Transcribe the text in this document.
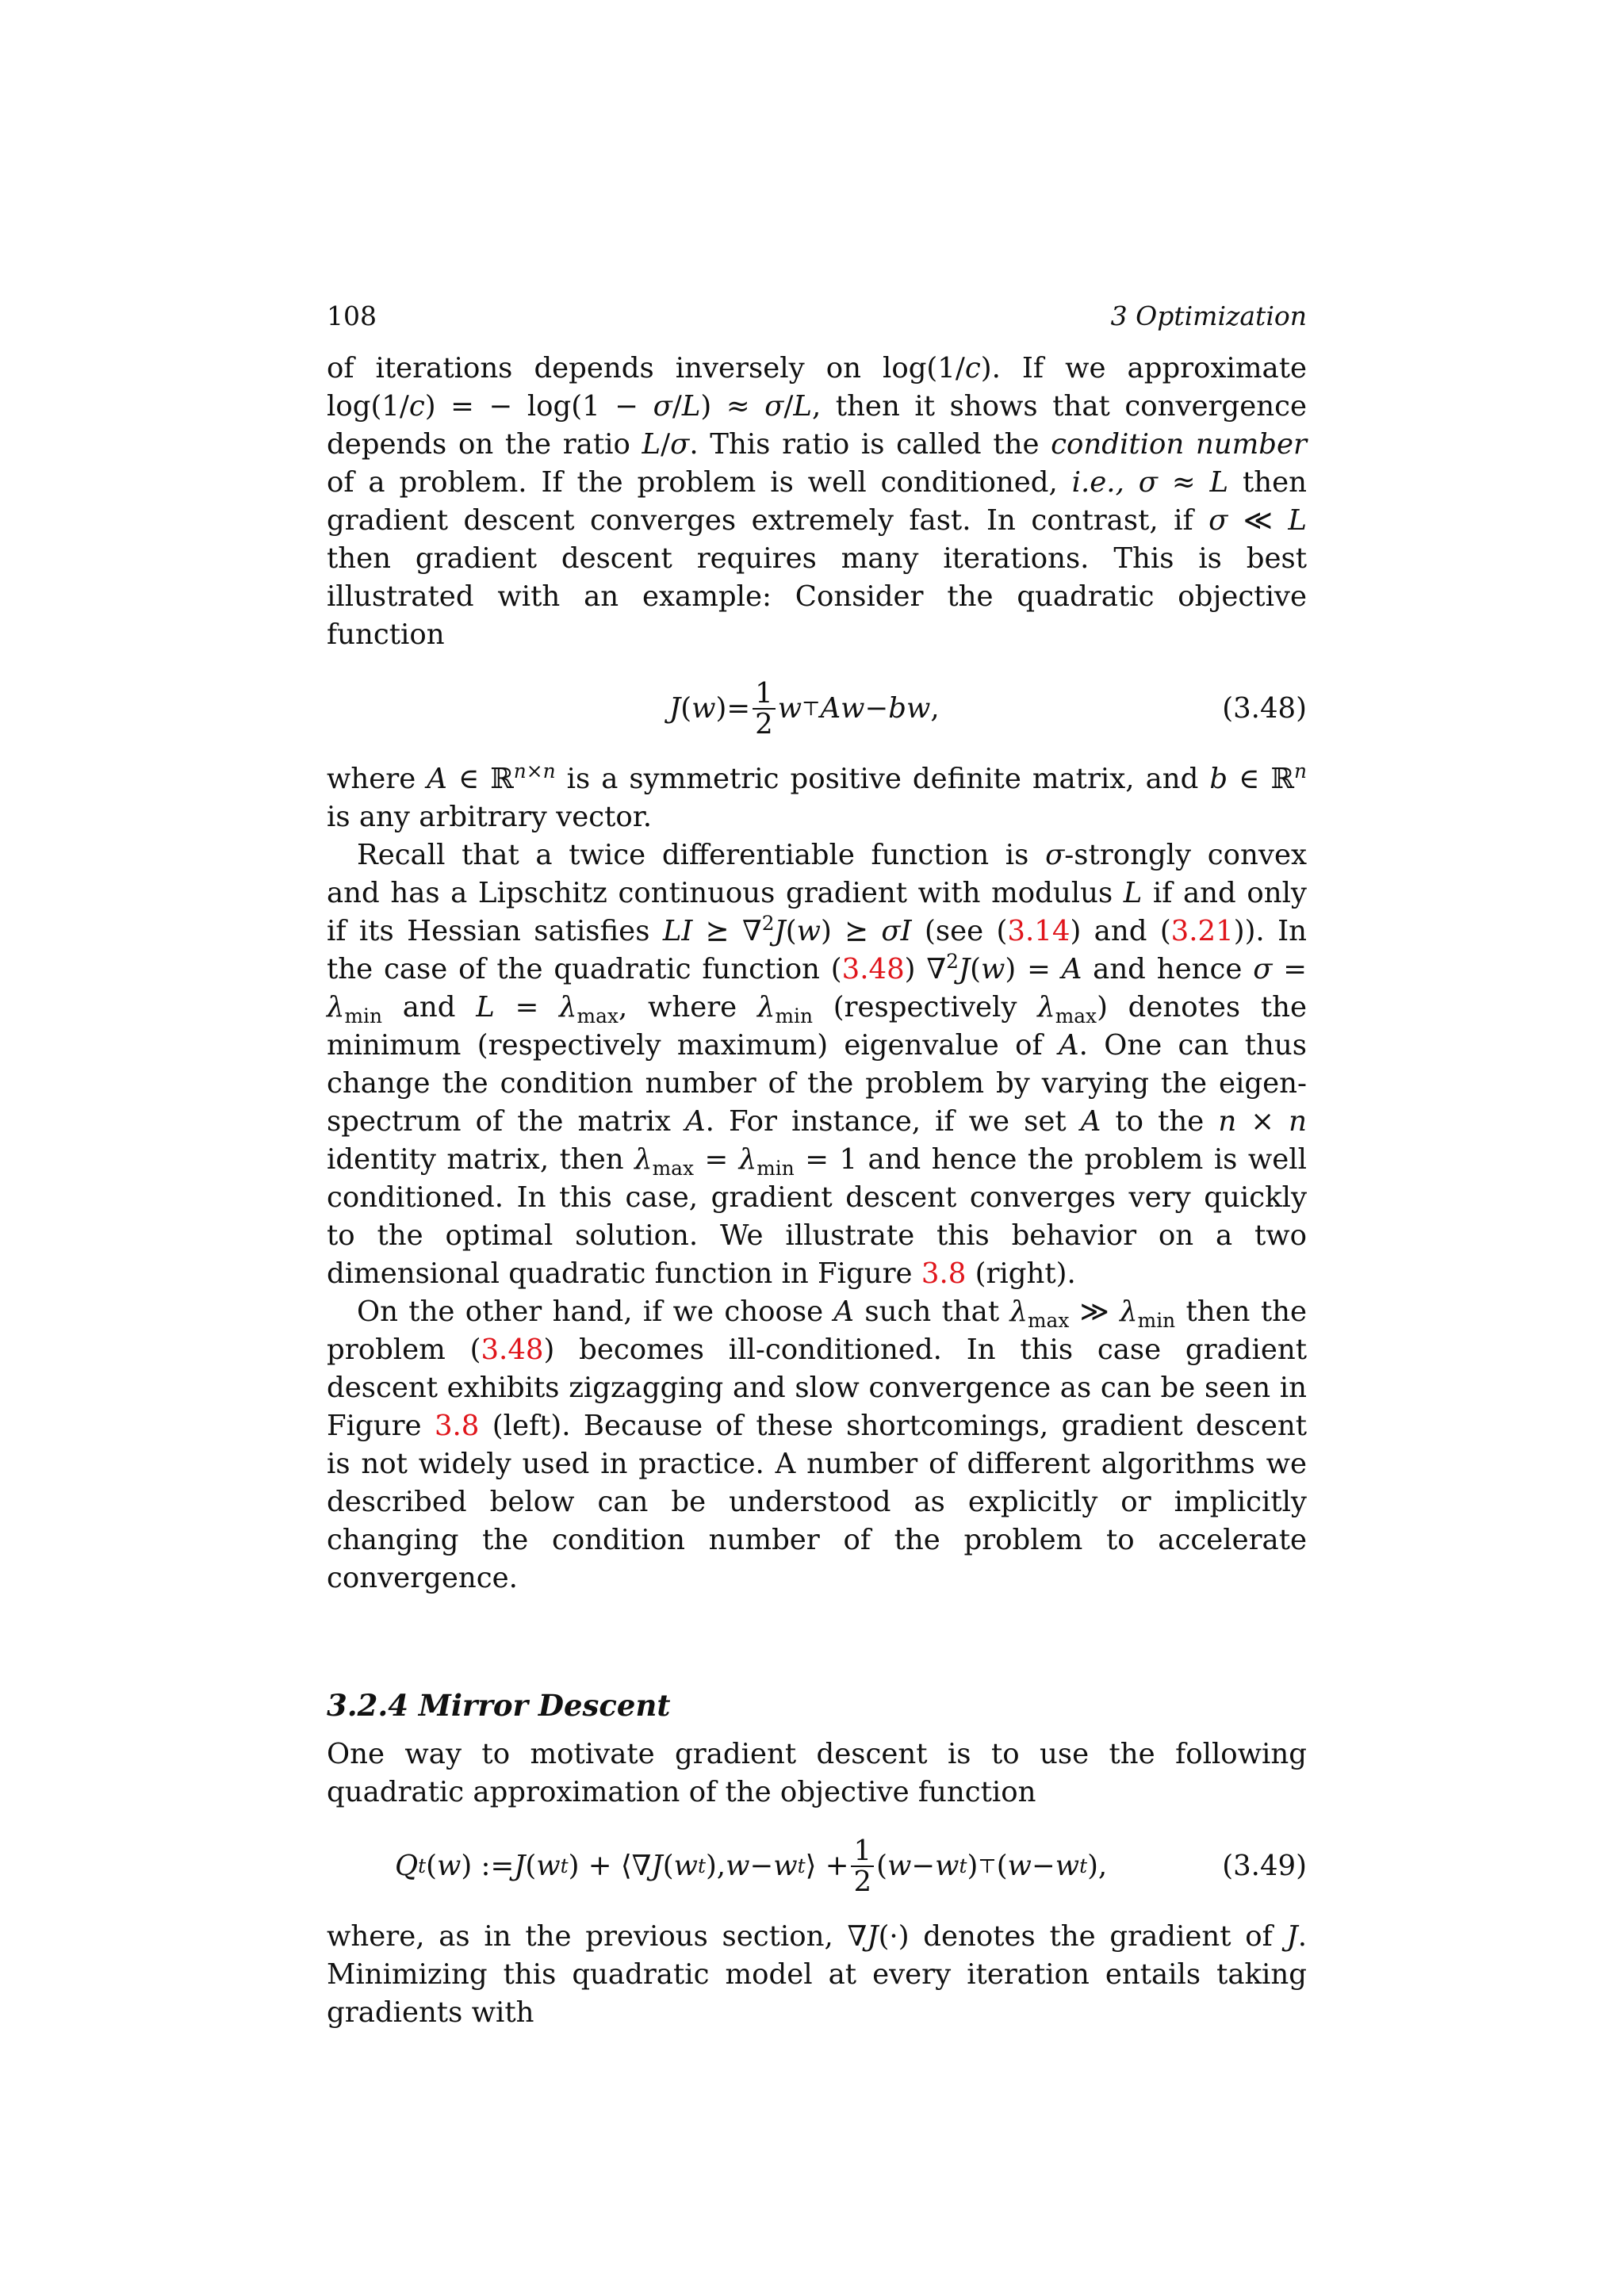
108	3 Optimization

of iterations depends inversely on log(1/c). If we approximate log(1/c) = − log(1 − σ/L) ≈ σ/L, then it shows that convergence depends on the ratio L/σ. This ratio is called the condition number of a problem. If the problem is well conditioned, i.e., σ ≈ L then gradient descent converges extremely fast. In contrast, if σ ≪ L then gradient descent requires many iterations. This is best illustrated with an example: Consider the quadratic objective function

J ( w ) = $\frac{1}{2}$ w ⊤ A w − b w ,	(3.48)

where A ∈ ℝ$^{n\times n}$ is a symmetric positive definite matrix, and b ∈ ℝ$^n$ is any arbitrary vector.

Recall that a twice differentiable function is σ-strongly convex and has a Lipschitz continuous gradient with modulus L if and only if its Hessian satisfies LI ⪰ ∇$^2$J(w) ⪰ σI (see (3.14) and (3.21)). In the case of the quadratic function (3.48) ∇$^2$J(w) = A and hence $\sigma = \lambda_{min}$ and $L = \lambda_{max}$, where $\lambda_{min}$ (respectively $\lambda_{max}$) denotes the minimum (respectively maximum) eigenvalue of A. One can thus change the condition number of the problem by varying the eigen-spectrum of the matrix A. For instance, if we set A to the n × n identity matrix, then $\lambda_{max} = \lambda_{min} = 1$ and hence the problem is well conditioned. In this case, gradient descent converges very quickly to the optimal solution. We illustrate this behavior on a two dimensional quadratic function in Figure 3.8 (right).

On the other hand, if we choose A such that $\lambda_{max}$ ≫ $\lambda_{min}$ then the problem (3.48) becomes ill-conditioned. In this case gradient descent exhibits zigzagging and slow convergence as can be seen in Figure 3.8 (left). Because of these shortcomings, gradient descent is not widely used in practice. A number of different algorithms we described below can be understood as explicitly or implicitly changing the condition number of the problem to accelerate convergence.

3.2.4 Mirror Descent

One way to motivate gradient descent is to use the following quadratic approximation of the objective function

Q t ( w ) := J ( w t ) + ⟨∇ J ( w t ), w − w t ⟩ + $\frac{1}{2}$ ( w − w t ) ⊤ ( w − w t ),	(3.49)

where, as in the previous section, ∇J(·) denotes the gradient of J. Minimizing this quadratic model at every iteration entails taking gradients with
